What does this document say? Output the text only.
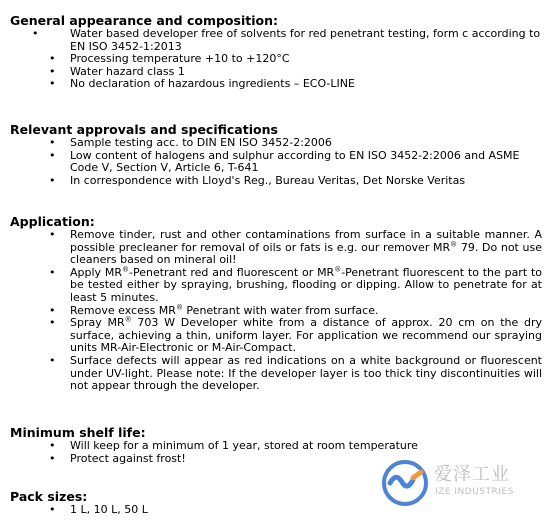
General appearance and composition:
•	Water based developer free of solvents for red penetrant testing, form c according to EN ISO 3452-1:2013
• Processing temperature +10 to +120°C
• Water hazard class 1
• No declaration of hazardous ingredients – ECO-LINE
Relevant approvals and specifications
• Sample testing acc. to DIN EN ISO 3452-2:2006
• Low content of halogens and sulphur according to EN ISO 3452-2:2006 and ASME Code V, Section V, Article 6, T-641
• In correspondence with Lloyd's Reg., Bureau Veritas, Det Norske Veritas
Application:
• Remove tinder, rust and other contaminations from surface in a suitable manner. A possible precleaner for removal of oils or fats is e.g. our remover MR® 79. Do not use cleaners based on mineral oil!
• Apply MR®-Penetrant red and fluorescent or MR®-Penetrant fluorescent to the part to be tested either by spraying, brushing, flooding or dipping. Allow to penetrate for at least 5 minutes.
• Remove excess MR® Penetrant with water from surface.
• Spray MR® 703 W Developer white from a distance of approx. 20 cm on the dry surface, achieving a thin, uniform layer. For application we recommend our spraying units MR-Air-Electronic or M-Air-Compact.
• Surface defects will appear as red indications on a white background or fluorescent under UV-light. Please note: If the developer layer is too thick tiny discontinuities will not appear through the developer.
Minimum shelf life:
• Will keep for a minimum of 1 year, stored at room temperature
• Protect against frost!
Pack sizes:
• 1 L, 10 L, 50 L
爱泽工业
IZE INDUSTRIES
